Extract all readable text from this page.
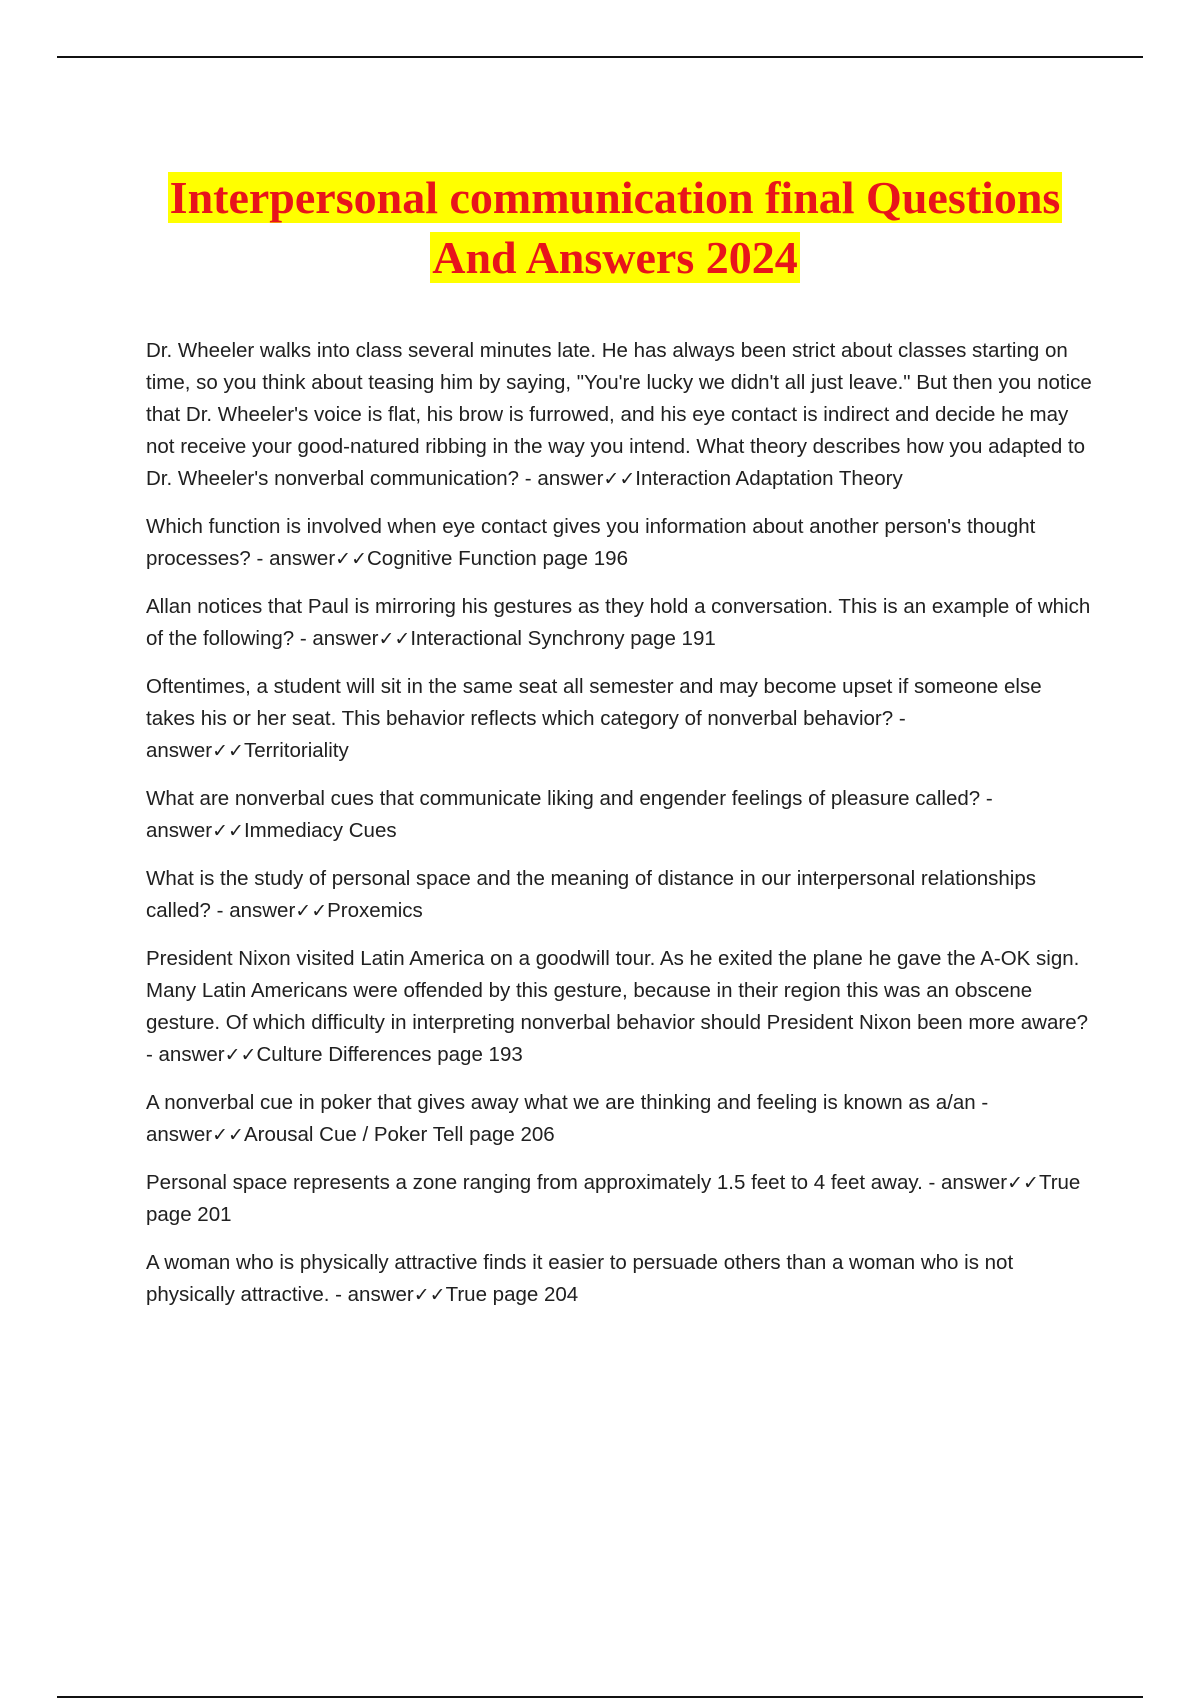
Interpersonal communication final Questions
And Answers 2024

Dr. Wheeler walks into class several minutes late. He has always been strict about classes starting on time, so you think about teasing him by saying, "You're lucky we didn't all just leave." But then you notice that Dr. Wheeler's voice is flat, his brow is furrowed, and his eye contact is indirect and decide he may not receive your good-natured ribbing in the way you intend. What theory describes how you adapted to Dr. Wheeler's nonverbal communication? - answer✓✓Interaction Adaptation Theory

Which function is involved when eye contact gives you information about another person's thought processes? - answer✓✓Cognitive Function page 196

Allan notices that Paul is mirroring his gestures as they hold a conversation. This is an example of which of the following? - answer✓✓Interactional Synchrony page 191

Oftentimes, a student will sit in the same seat all semester and may become upset if someone else takes his or her seat. This behavior reflects which category of nonverbal behavior? - answer✓✓Territoriality

What are nonverbal cues that communicate liking and engender feelings of pleasure called? - answer✓✓Immediacy Cues

What is the study of personal space and the meaning of distance in our interpersonal relationships called? - answer✓✓Proxemics

President Nixon visited Latin America on a goodwill tour. As he exited the plane he gave the A-OK sign. Many Latin Americans were offended by this gesture, because in their region this was an obscene gesture. Of which difficulty in interpreting nonverbal behavior should President Nixon been more aware? - answer✓✓Culture Differences page 193

A nonverbal cue in poker that gives away what we are thinking and feeling is known as a/an - answer✓✓Arousal Cue / Poker Tell page 206

Personal space represents a zone ranging from approximately 1.5 feet to 4 feet away. - answer✓✓True page 201

A woman who is physically attractive finds it easier to persuade others than a woman who is not physically attractive. - answer✓✓True page 204
